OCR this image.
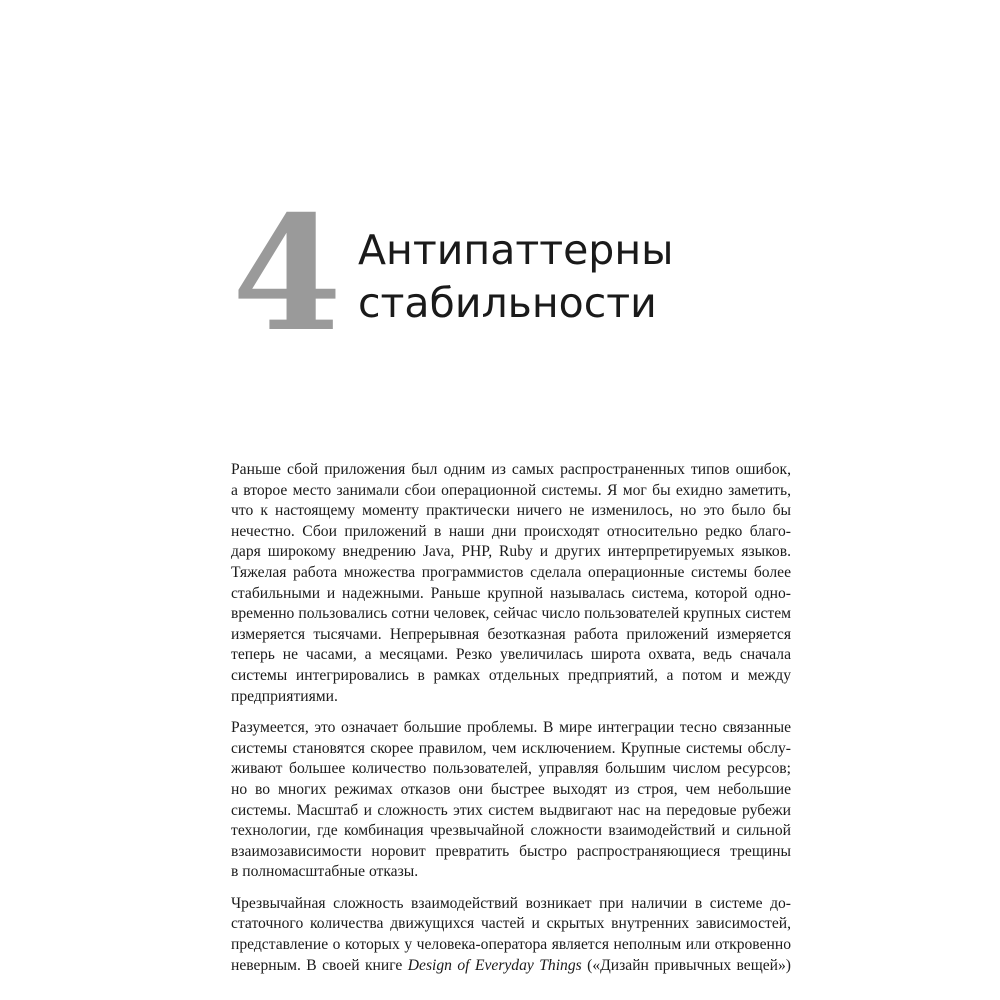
4 Антипаттерны
стабильности

Раньше сбой приложения был одним из самых распространенных типов ошибок,
а второе место занимали сбои операционной системы. Я мог бы ехидно заметить,
что к настоящему моменту практически ничего не изменилось, но это было бы
нечестно. Сбои приложений в наши дни происходят относительно редко благо-
даря широкому внедрению Java, PHP, Ruby и других интерпретируемых языков.
Тяжелая работа множества программистов сделала операционные системы более
стабильными и надежными. Раньше крупной называлась система, которой одно-
временно пользовались сотни человек, сейчас число пользователей крупных систем
измеряется тысячами. Непрерывная безотказная работа приложений измеряется
теперь не часами, а месяцами. Резко увеличилась широта охвата, ведь сначала
системы интегрировались в рамках отдельных предприятий, а потом и между
предприятиями.

Разумеется, это означает большие проблемы. В мире интеграции тесно связанные
системы становятся скорее правилом, чем исключением. Крупные системы обслу-
живают большее количество пользователей, управляя большим числом ресурсов;
но во многих режимах отказов они быстрее выходят из строя, чем небольшие
системы. Масштаб и сложность этих систем выдвигают нас на передовые рубежи
технологии, где комбинация чрезвычайной сложности взаимодействий и сильной
взаимозависимости норовит превратить быстро распространяющиеся трещины
в полномасштабные отказы.

Чрезвычайная сложность взаимодействий возникает при наличии в системе до-
статочного количества движущихся частей и скрытых внутренних зависимостей,
представление о которых у человека-оператора является неполным или откровенно
неверным. В своей книге Design of Everyday Things («Дизайн привычных вещей»)
